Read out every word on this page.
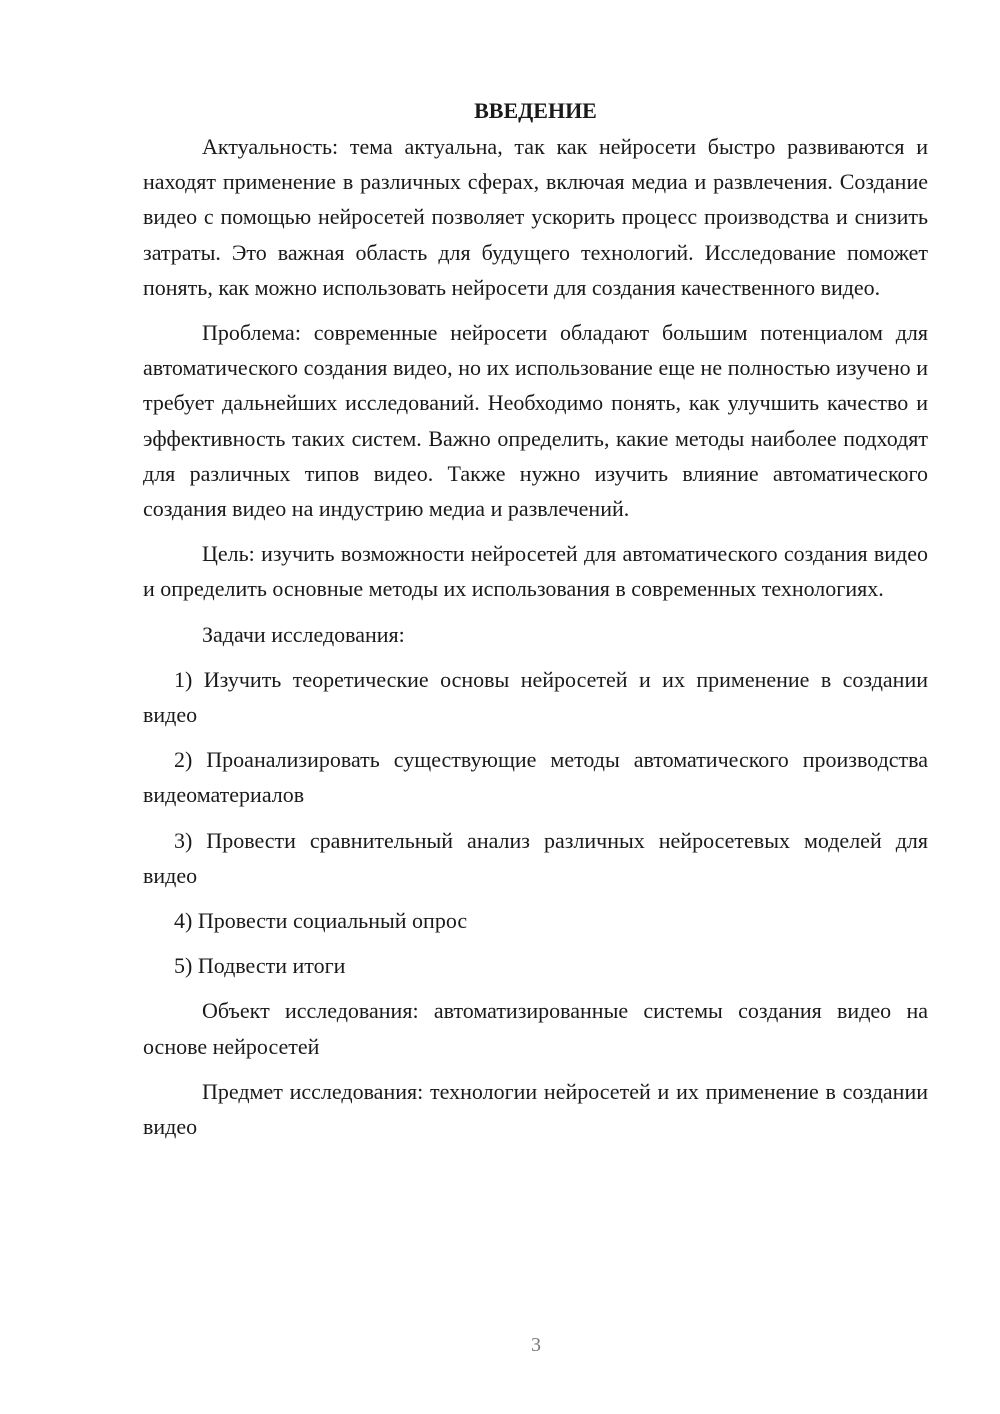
ВВЕДЕНИЕ

Актуальность: тема актуальна, так как нейросети быстро развиваются и находят применение в различных сферах, включая медиа и развлечения. Создание видео с помощью нейросетей позволяет ускорить процесс производства и снизить затраты. Это важная область для будущего технологий. Исследование поможет понять, как можно использовать нейросети для создания качественного видео.

Проблема: современные нейросети обладают большим потенциалом для автоматического создания видео, но их использование еще не полностью изучено и требует дальнейших исследований. Необходимо понять, как улучшить качество и эффективность таких систем. Важно определить, какие методы наиболее подходят для различных типов видео. Также нужно изучить влияние автоматического создания видео на индустрию медиа и развлечений.

Цель: изучить возможности нейросетей для автоматического создания видео и определить основные методы их использования в современных технологиях.

Задачи исследования:

1) Изучить теоретические основы нейросетей и их применение в создании видео

2) Проанализировать существующие методы автоматического производства видеоматериалов

3) Провести сравнительный анализ различных нейросетевых моделей для видео

4) Провести социальный опрос

5) Подвести итоги

Объект исследования: автоматизированные системы создания видео на основе нейросетей

Предмет исследования: технологии нейросетей и их применение в создании видео

3
